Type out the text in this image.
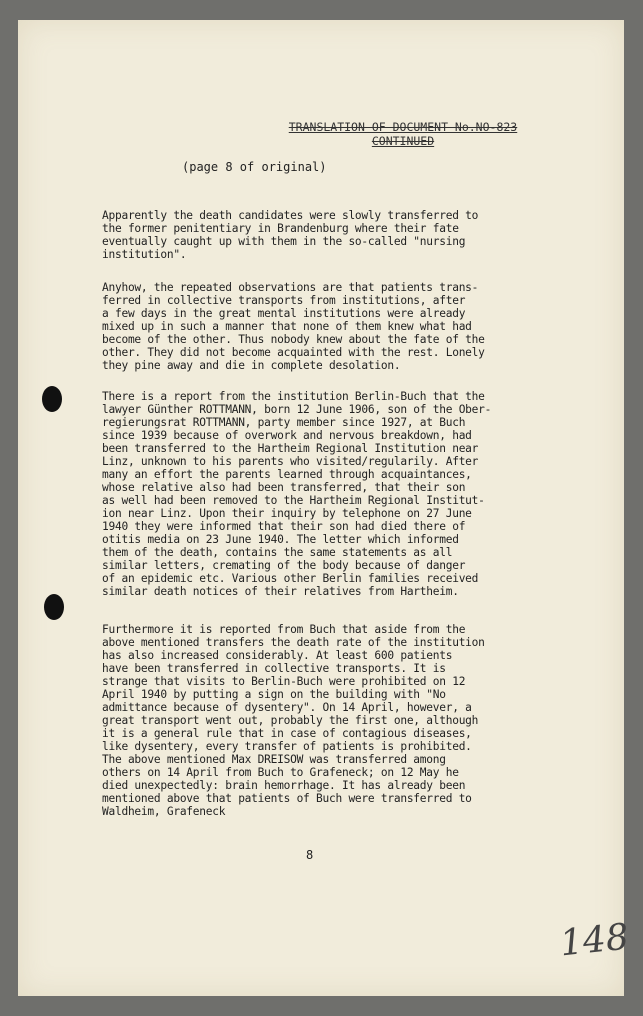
TRANSLATION OF DOCUMENT No.NO-823
CONTINUED
(page 8 of original)
Apparently the death candidates were slowly transferred to
the former penitentiary in Brandenburg where their fate
eventually caught up with them in the so-called "nursing
institution".
Anyhow, the repeated observations are that patients trans-
ferred in collective transports from institutions, after
a few days in the great mental institutions were already
mixed up in such a manner that none of them knew what had
become of the other. Thus nobody knew about the fate of the
other. They did not become acquainted with the rest. Lonely
they pine away and die in complete desolation.
There is a report from the institution Berlin-Buch that the
lawyer Günther ROTTMANN, born 12 June 1906, son of the Ober-
regierungsrat ROTTMANN, party member since 1927, at Buch
since 1939 because of overwork and nervous breakdown, had
been transferred to the Hartheim Regional Institution near
Linz, unknown to his parents who visited/regularily. After
many an effort the parents learned through acquaintances,
whose relative also had been transferred, that their son
as well had been removed to the Hartheim Regional Institut-
ion near Linz. Upon their inquiry by telephone on 27 June
1940 they were informed that their son had died there of
otitis media on 23 June 1940. The letter which informed
them of the death, contains the same statements as all
similar letters, cremating of the body because of danger
of an epidemic etc. Various other Berlin families received
similar death notices of their relatives from Hartheim.
Furthermore it is reported from Buch that aside from the
above mentioned transfers the death rate of the institution
has also increased considerably. At least 600 patients
have been transferred in collective transports. It is
strange that visits to Berlin-Buch were prohibited on 12
April 1940 by putting a sign on the building with "No
admittance because of dysentery". On 14 April, however, a
great transport went out, probably the first one, although
it is a general rule that in case of contagious diseases,
like dysentery, every transfer of patients is prohibited.
The above mentioned Max DREISOW was transferred among
others on 14 April from Buch to Grafeneck; on 12 May he
died unexpectedly: brain hemorrhage. It has already been
mentioned above that patients of Buch were transferred to
Waldheim, Grafeneck
8
148
